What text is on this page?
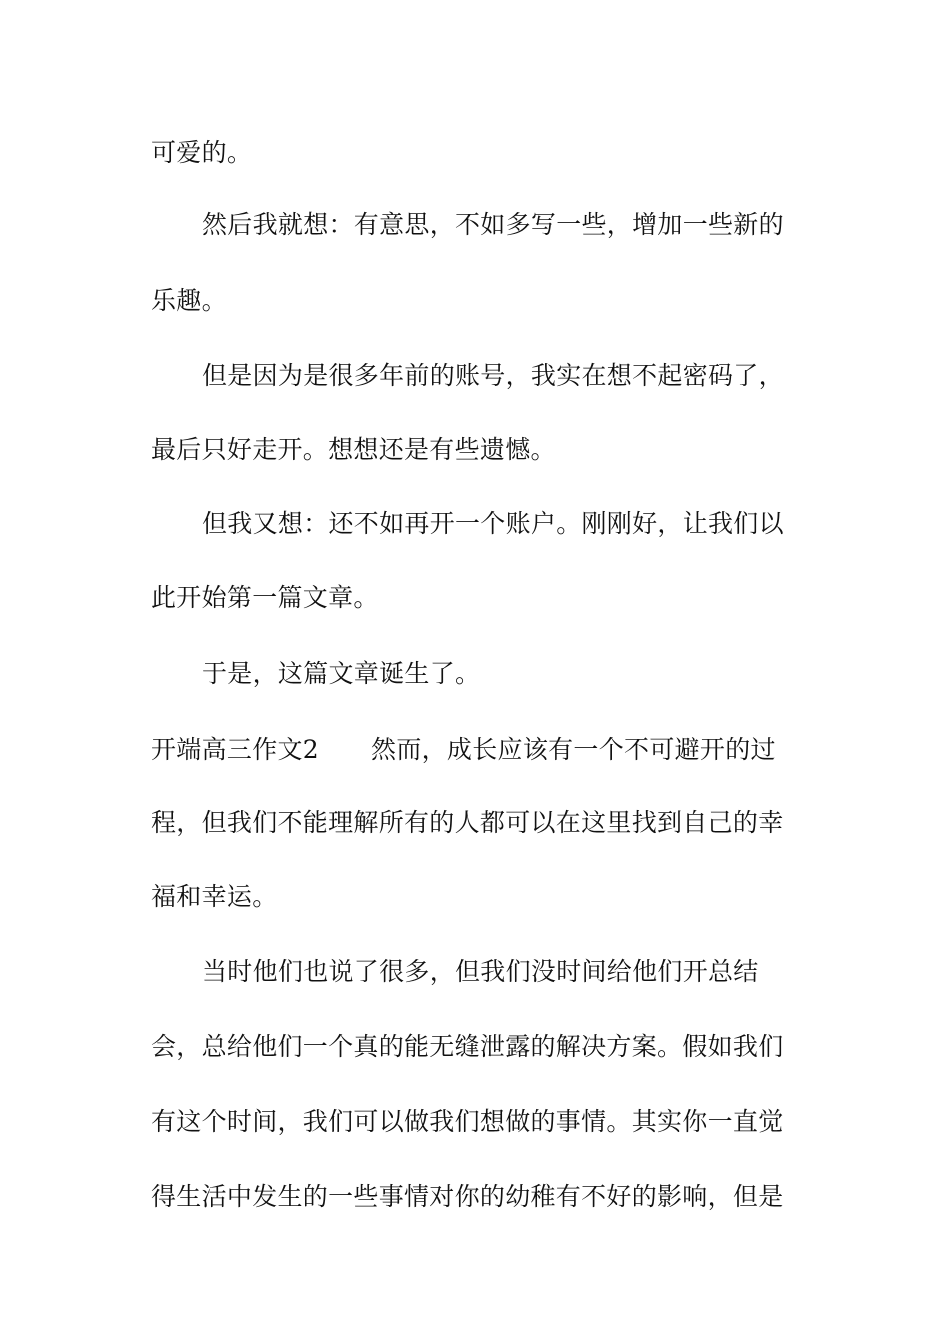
可爱的。
然后我就想：有意思，不如多写一些，增加一些新的
乐趣。
但是因为是很多年前的账号，我实在想不起密码了，
最后只好走开。想想还是有些遗憾。
但我又想：还不如再开一个账户。刚刚好，让我们以
此开始第一篇文章。
于是，这篇文章诞生了。
开端高三作文2 然而，成长应该有一个不可避开的过
程，但我们不能理解所有的人都可以在这里找到自己的幸
福和幸运。
当时他们也说了很多，但我们没时间给他们开总结
会，总给他们一个真的能无缝泄露的解决方案。假如我们
有这个时间，我们可以做我们想做的事情。其实你一直觉
得生活中发生的一些事情对你的幼稚有不好的影响，但是
